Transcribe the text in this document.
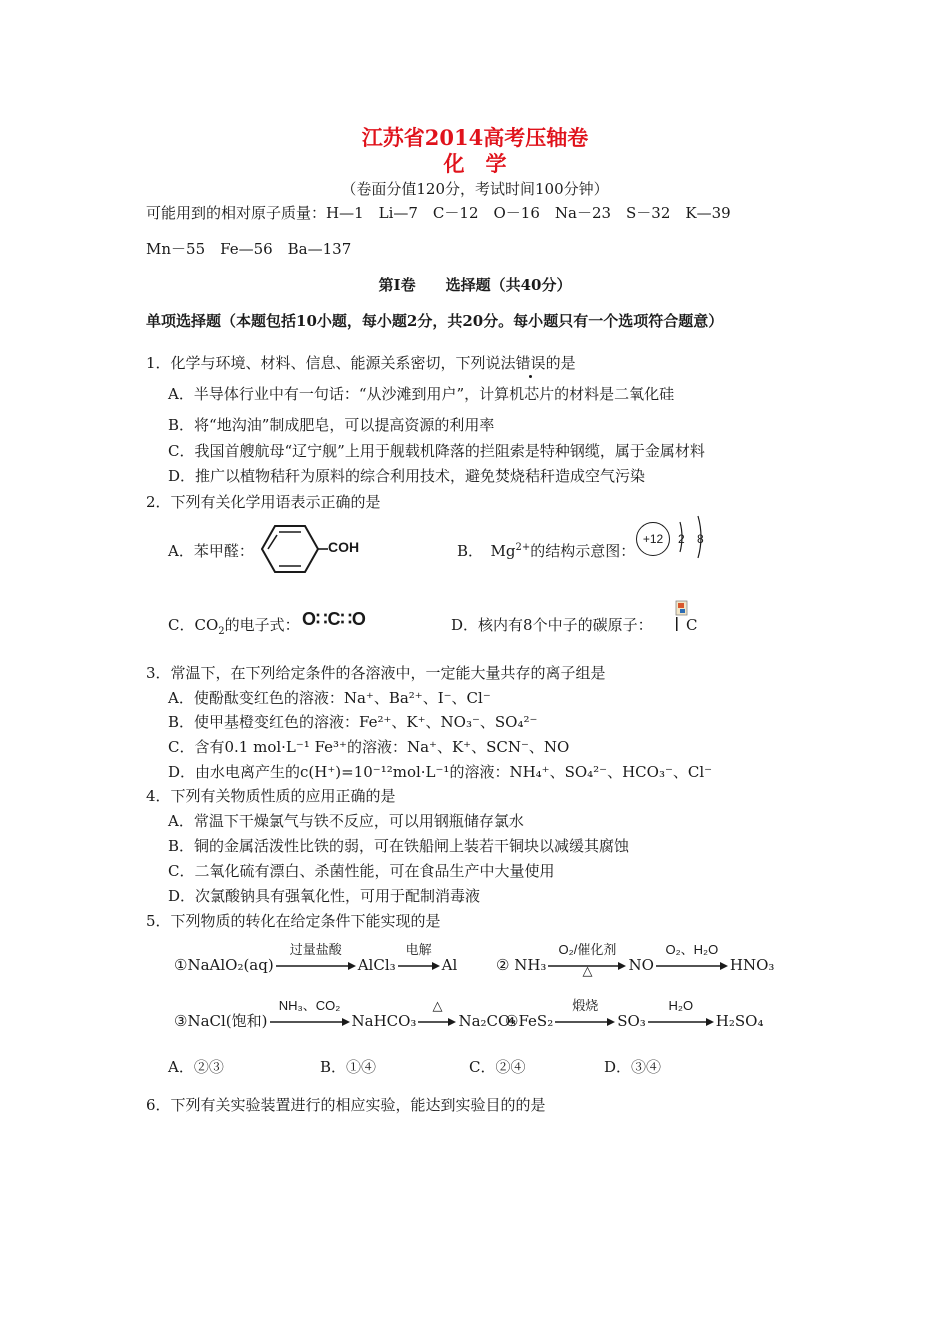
江苏省2014高考压轴卷
化　学
（卷面分值120分，考试时间100分钟）
可能用到的相对原子质量：H—1　Li—7　C－12　O－16　Na－23　S－32　K—39
Mn－55　Fe—56　Ba—137
第Ⅰ卷　　选择题（共40分）
单项选择题（本题包括10小题，每小题2分，共20分。每小题只有一个选项符合题意）
1．化学与环境、材料、信息、能源关系密切，下列说法错误的是
A．半导体行业中有一句话：“从沙滩到用户”，计算机芯片的材料是二氧化硅
B．将“地沟油”制成肥皂，可以提高资源的利用率
C．我国首艘航母“辽宁舰”上用于舰载机降落的拦阻索是特种钢缆，属于金属材料
D．推广以植物秸秆为原料的综合利用技术，避免焚烧秸秆造成空气污染
2．下列有关化学用语表示正确的是
A．苯甲醛：	COH	B．　$Mg^{2+}$的结构示意图：
+12	2 8
C．$CO_2$的电子式： O∷C∷O	D．核内有8个中子的碳原子： C
3．常温下，在下列给定条件的各溶液中，一定能大量共存的离子组是
A．使酚酞变红色的溶液：Na⁺、Ba²⁺、I⁻、Cl⁻
B．使甲基橙变红色的溶液：Fe²⁺、K⁺、NO₃⁻、SO₄²⁻
C．含有0.1 mol·L⁻¹ Fe³⁺的溶液：Na⁺、K⁺、SCN⁻、NO
D．由水电离产生的c(H⁺)=10⁻¹²mol·L⁻¹的溶液：NH₄⁺、SO₄²⁻、HCO₃⁻、Cl⁻
4．下列有关物质性质的应用正确的是
A．常温下干燥氯气与铁不反应，可以用钢瓶储存氯水
B．铜的金属活泼性比铁的弱，可在铁船闸上装若干铜块以减缓其腐蚀
C．二氧化硫有漂白、杀菌性能，可在食品生产中大量使用
D．次氯酸钠具有强氧化性，可用于配制消毒液
5．下列物质的转化在给定条件下能实现的是
①NaAlO₂(aq)
过量盐酸
AlCl₃
电解
Al	② NH₃
O₂/催化剂
△	NO
O₂、H₂O
HNO₃
③NaCl(饱和)
NH₃、CO₂
NaHCO₃
△
Na₂CO₃
④FeS₂
煅烧
SO₃
H₂O
H₂SO₄
A．②③	B．①④	C．②④	D．③④
6．下列有关实验装置进行的相应实验，能达到实验目的的是
